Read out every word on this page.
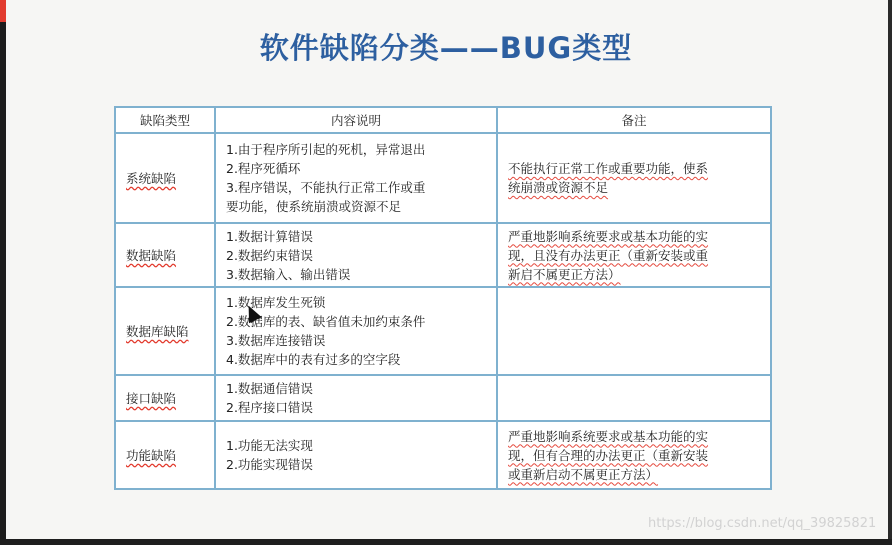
软件缺陷分类——BUG类型
缺陷类型	内容说明	备注
系统缺陷	1.由于程序所引起的死机，异常退出
2.程序死循环
3.程序错误，不能执行正常工作或重
要功能，使系统崩溃或资源不足	不能执行正常工作或重要功能，使系
统崩溃或资源不足

数据缺陷	1.数据计算错误
2.数据约束错误
3.数据输入、输出错误	严重地影响系统要求或基本功能的实
现，且没有办法更正（重新安装或重
新启不属更正方法）

数据库缺陷	1.数据库发生死锁
2.数据库的表、缺省值未加约束条件
3.数据库连接错误
4.数据库中的表有过多的空字段	

接口缺陷	1.数据通信错误
2.程序接口错误	

功能缺陷	1.功能无法实现
2.功能实现错误	严重地影响系统要求或基本功能的实
现，但有合理的办法更正（重新安装
或重新启动不属更正方法）
https://blog.csdn.net/qq_39825821
